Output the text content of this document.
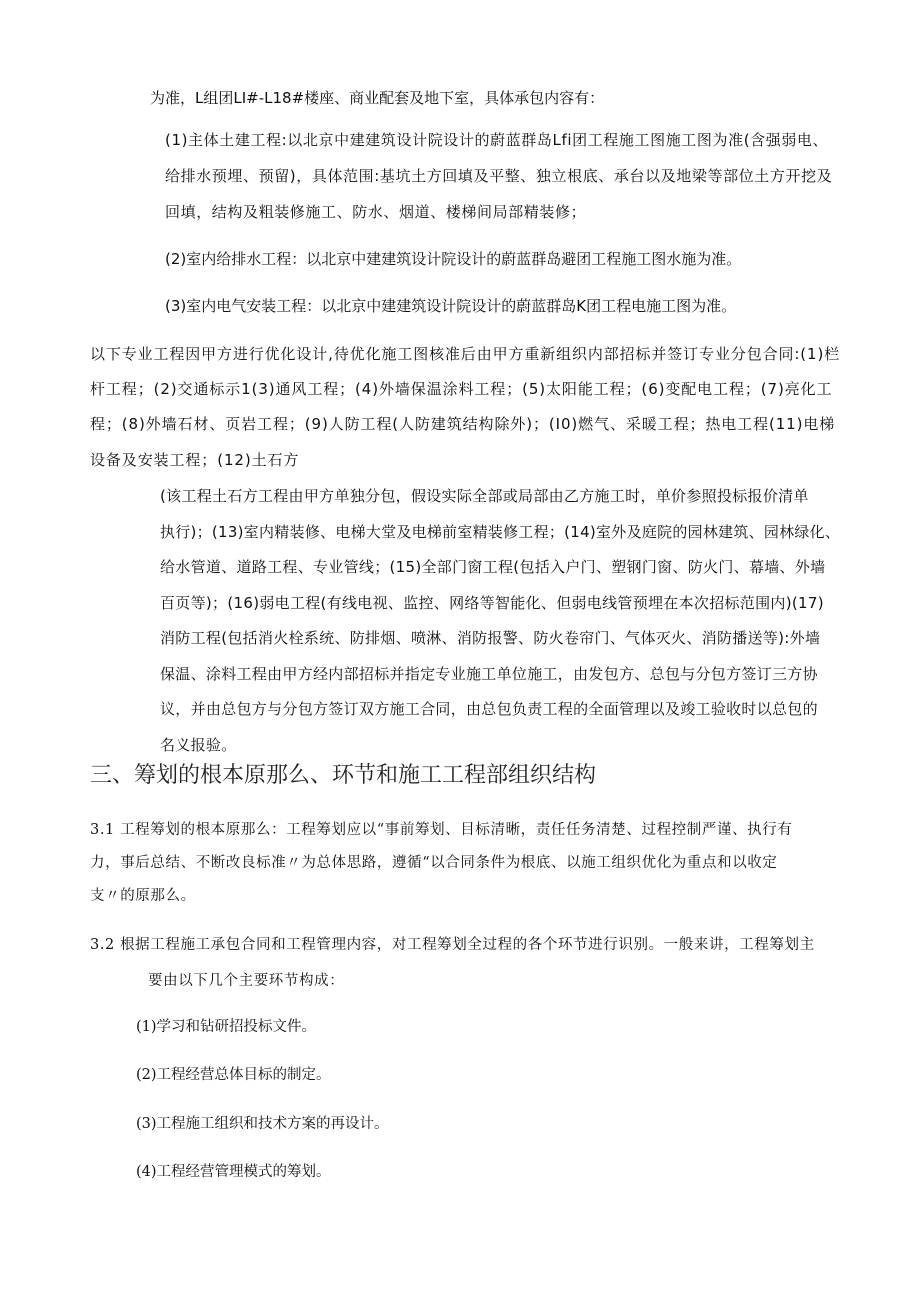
为准，L组团LI#-L18#楼座、商业配套及地下室，具体承包内容有：
(1)主体土建工程:以北京中建建筑设计院设计的蔚蓝群岛Lfi团工程施工图施工图为准(含强弱电、
给排水预埋、预留)，具体范围:基坑土方回填及平整、独立根底、承台以及地梁等部位土方开挖及
回填，结构及粗装修施工、防水、烟道、楼梯间局部精装修；
(2)室内给排水工程：以北京中建建筑设计院设计的蔚蓝群岛避团工程施工图水施为准。
(3)室内电气安装工程：以北京中建建筑设计院设计的蔚蓝群岛K团工程电施工图为准。
以下专业工程因甲方进行优化设计,待优化施工图核准后由甲方重新组织内部招标并签订专业分包合同:(1)栏
杆工程；(2)交通标示1(3)通风工程；(4)外墙保温涂料工程；(5)太阳能工程；(6)变配电工程；(7)亮化工
程；(8)外墙石材、页岩工程；(9)人防工程(人防建筑结构除外)；(I0)燃气、采暖工程；热电工程(11)电梯
设备及安装工程；(12)土石方
(该工程土石方工程由甲方单独分包，假设实际全部或局部由乙方施工时，单价参照投标报价清单
执行)；(13)室内精装修、电梯大堂及电梯前室精装修工程；(14)室外及庭院的园林建筑、园林绿化、
给水管道、道路工程、专业管线；(15)全部门窗工程(包括入户门、塑钢门窗、防火门、幕墙、外墙
百页等)；(16)弱电工程(有线电视、监控、网络等智能化、但弱电线管预埋在本次招标范围内)(17)
消防工程(包括消火栓系统、防排烟、喷淋、消防报警、防火卷帘门、气体灭火、消防播送等):外墙
保温、涂料工程由甲方经内部招标并指定专业施工单位施工，由发包方、总包与分包方签订三方协
议，并由总包方与分包方签订双方施工合同，由总包负责工程的全面管理以及竣工验收时以总包的
名义报验。
三、筹划的根本原那么、环节和施工工程部组织结构
3.1 工程筹划的根本原那么：工程筹划应以“事前筹划、目标清晰，责任任务清楚、过程控制严谨、执行有
力，事后总结、不断改良标准〃为总体思路，遵循“以合同条件为根底、以施工组织优化为重点和以收定
支〃的原那么。
3.2 根据工程施工承包合同和工程管理内容，对工程筹划全过程的各个环节进行识别。一般来讲，工程筹划主
要由以下几个主要环节构成：
(1)学习和钻研招投标文件。
(2)工程经营总体目标的制定。
(3)工程施工组织和技术方案的再设计。
(4)工程经营管理模式的筹划。
